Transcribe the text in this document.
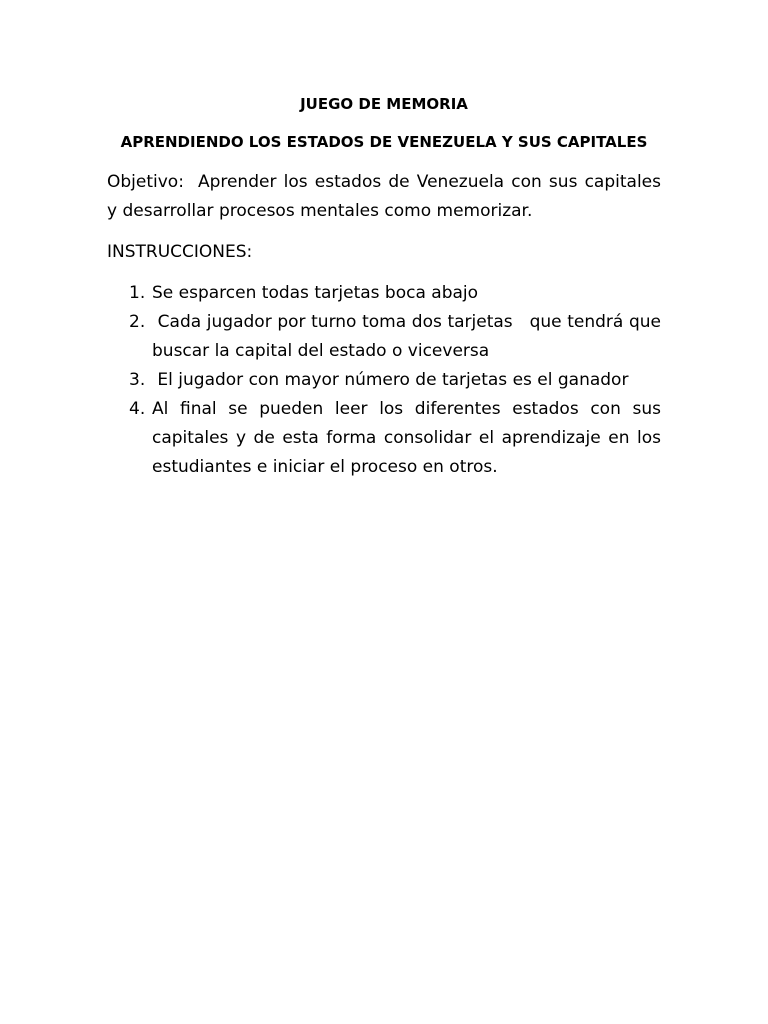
JUEGO DE MEMORIA
APRENDIENDO LOS ESTADOS DE VENEZUELA Y SUS CAPITALES

Objetivo: Aprender los estados de Venezuela con sus capitales y desarrollar procesos mentales como memorizar.

INSTRUCCIONES:

1. Se esparcen todas tarjetas boca abajo
2. Cada jugador por turno toma dos tarjetas   que tendrá que buscar la capital del estado o viceversa
3. El jugador con mayor número de tarjetas es el ganador
4. Al final se pueden leer los diferentes estados con sus capitales y de esta forma consolidar el aprendizaje en los estudiantes e iniciar el proceso en otros.
